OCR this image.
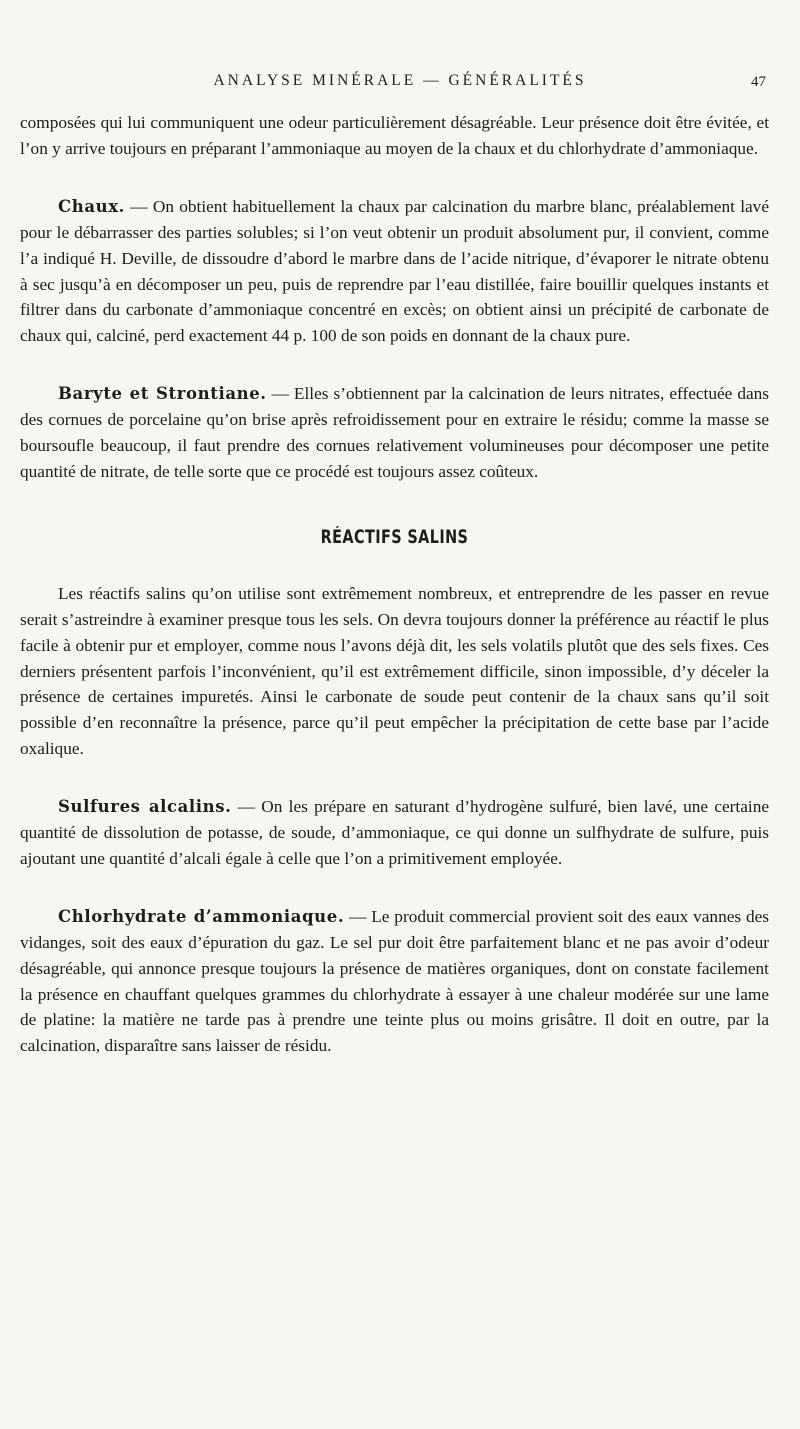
ANALYSE MINÉRALE — GÉNÉRALITÉS	47

composées qui lui communiquent une odeur particulièrement désagréable. Leur présence doit être évitée, et l’on y arrive toujours en préparant l’ammoniaque au moyen de la chaux et du chlorhydrate d’ammoniaque.

Chaux. — On obtient habituellement la chaux par calcination du marbre blanc, préalablement lavé pour le débarrasser des parties solubles; si l’on veut obtenir un produit absolument pur, il convient, comme l’a indiqué H. Deville, de dissoudre d’abord le marbre dans de l’acide nitrique, d’évaporer le nitrate obtenu à sec jusqu’à en décomposer un peu, puis de reprendre par l’eau distillée, faire bouillir quelques instants et filtrer dans du carbonate d’ammoniaque concentré en excès; on obtient ainsi un précipité de carbonate de chaux qui, calciné, perd exactement 44 p. 100 de son poids en donnant de la chaux pure.

Baryte et Strontiane. — Elles s’obtiennent par la calcination de leurs nitrates, effectuée dans des cornues de porcelaine qu’on brise après refroidissement pour en extraire le résidu; comme la masse se boursoufle beaucoup, il faut prendre des cornues relativement volumineuses pour décomposer une petite quantité de nitrate, de telle sorte que ce procédé est toujours assez coûteux.

RÉACTIFS SALINS

Les réactifs salins qu’on utilise sont extrêmement nombreux, et entreprendre de les passer en revue serait s’astreindre à examiner presque tous les sels. On devra toujours donner la préférence au réactif le plus facile à obtenir pur et employer, comme nous l’avons déjà dit, les sels volatils plutôt que des sels fixes. Ces derniers présentent parfois l’inconvénient, qu’il est extrêmement difficile, sinon impossible, d’y déceler la présence de certaines impuretés. Ainsi le carbonate de soude peut contenir de la chaux sans qu’il soit possible d’en reconnaître la présence, parce qu’il peut empêcher la précipitation de cette base par l’acide oxalique.

Sulfures alcalins. — On les prépare en saturant d’hydrogène sulfuré, bien lavé, une certaine quantité de dissolution de potasse, de soude, d’ammoniaque, ce qui donne un sulfhydrate de sulfure, puis ajoutant une quantité d’alcali égale à celle que l’on a primitivement employée.

Chlorhydrate d’ammoniaque. — Le produit commercial provient soit des eaux vannes des vidanges, soit des eaux d’épuration du gaz. Le sel pur doit être parfaitement blanc et ne pas avoir d’odeur désagréable, qui annonce presque toujours la présence de matières organiques, dont on constate facilement la présence en chauffant quelques grammes du chlorhydrate à essayer à une chaleur modérée sur une lame de platine: la matière ne tarde pas à prendre une teinte plus ou moins grisâtre. Il doit en outre, par la calcination, disparaître sans laisser de résidu.
